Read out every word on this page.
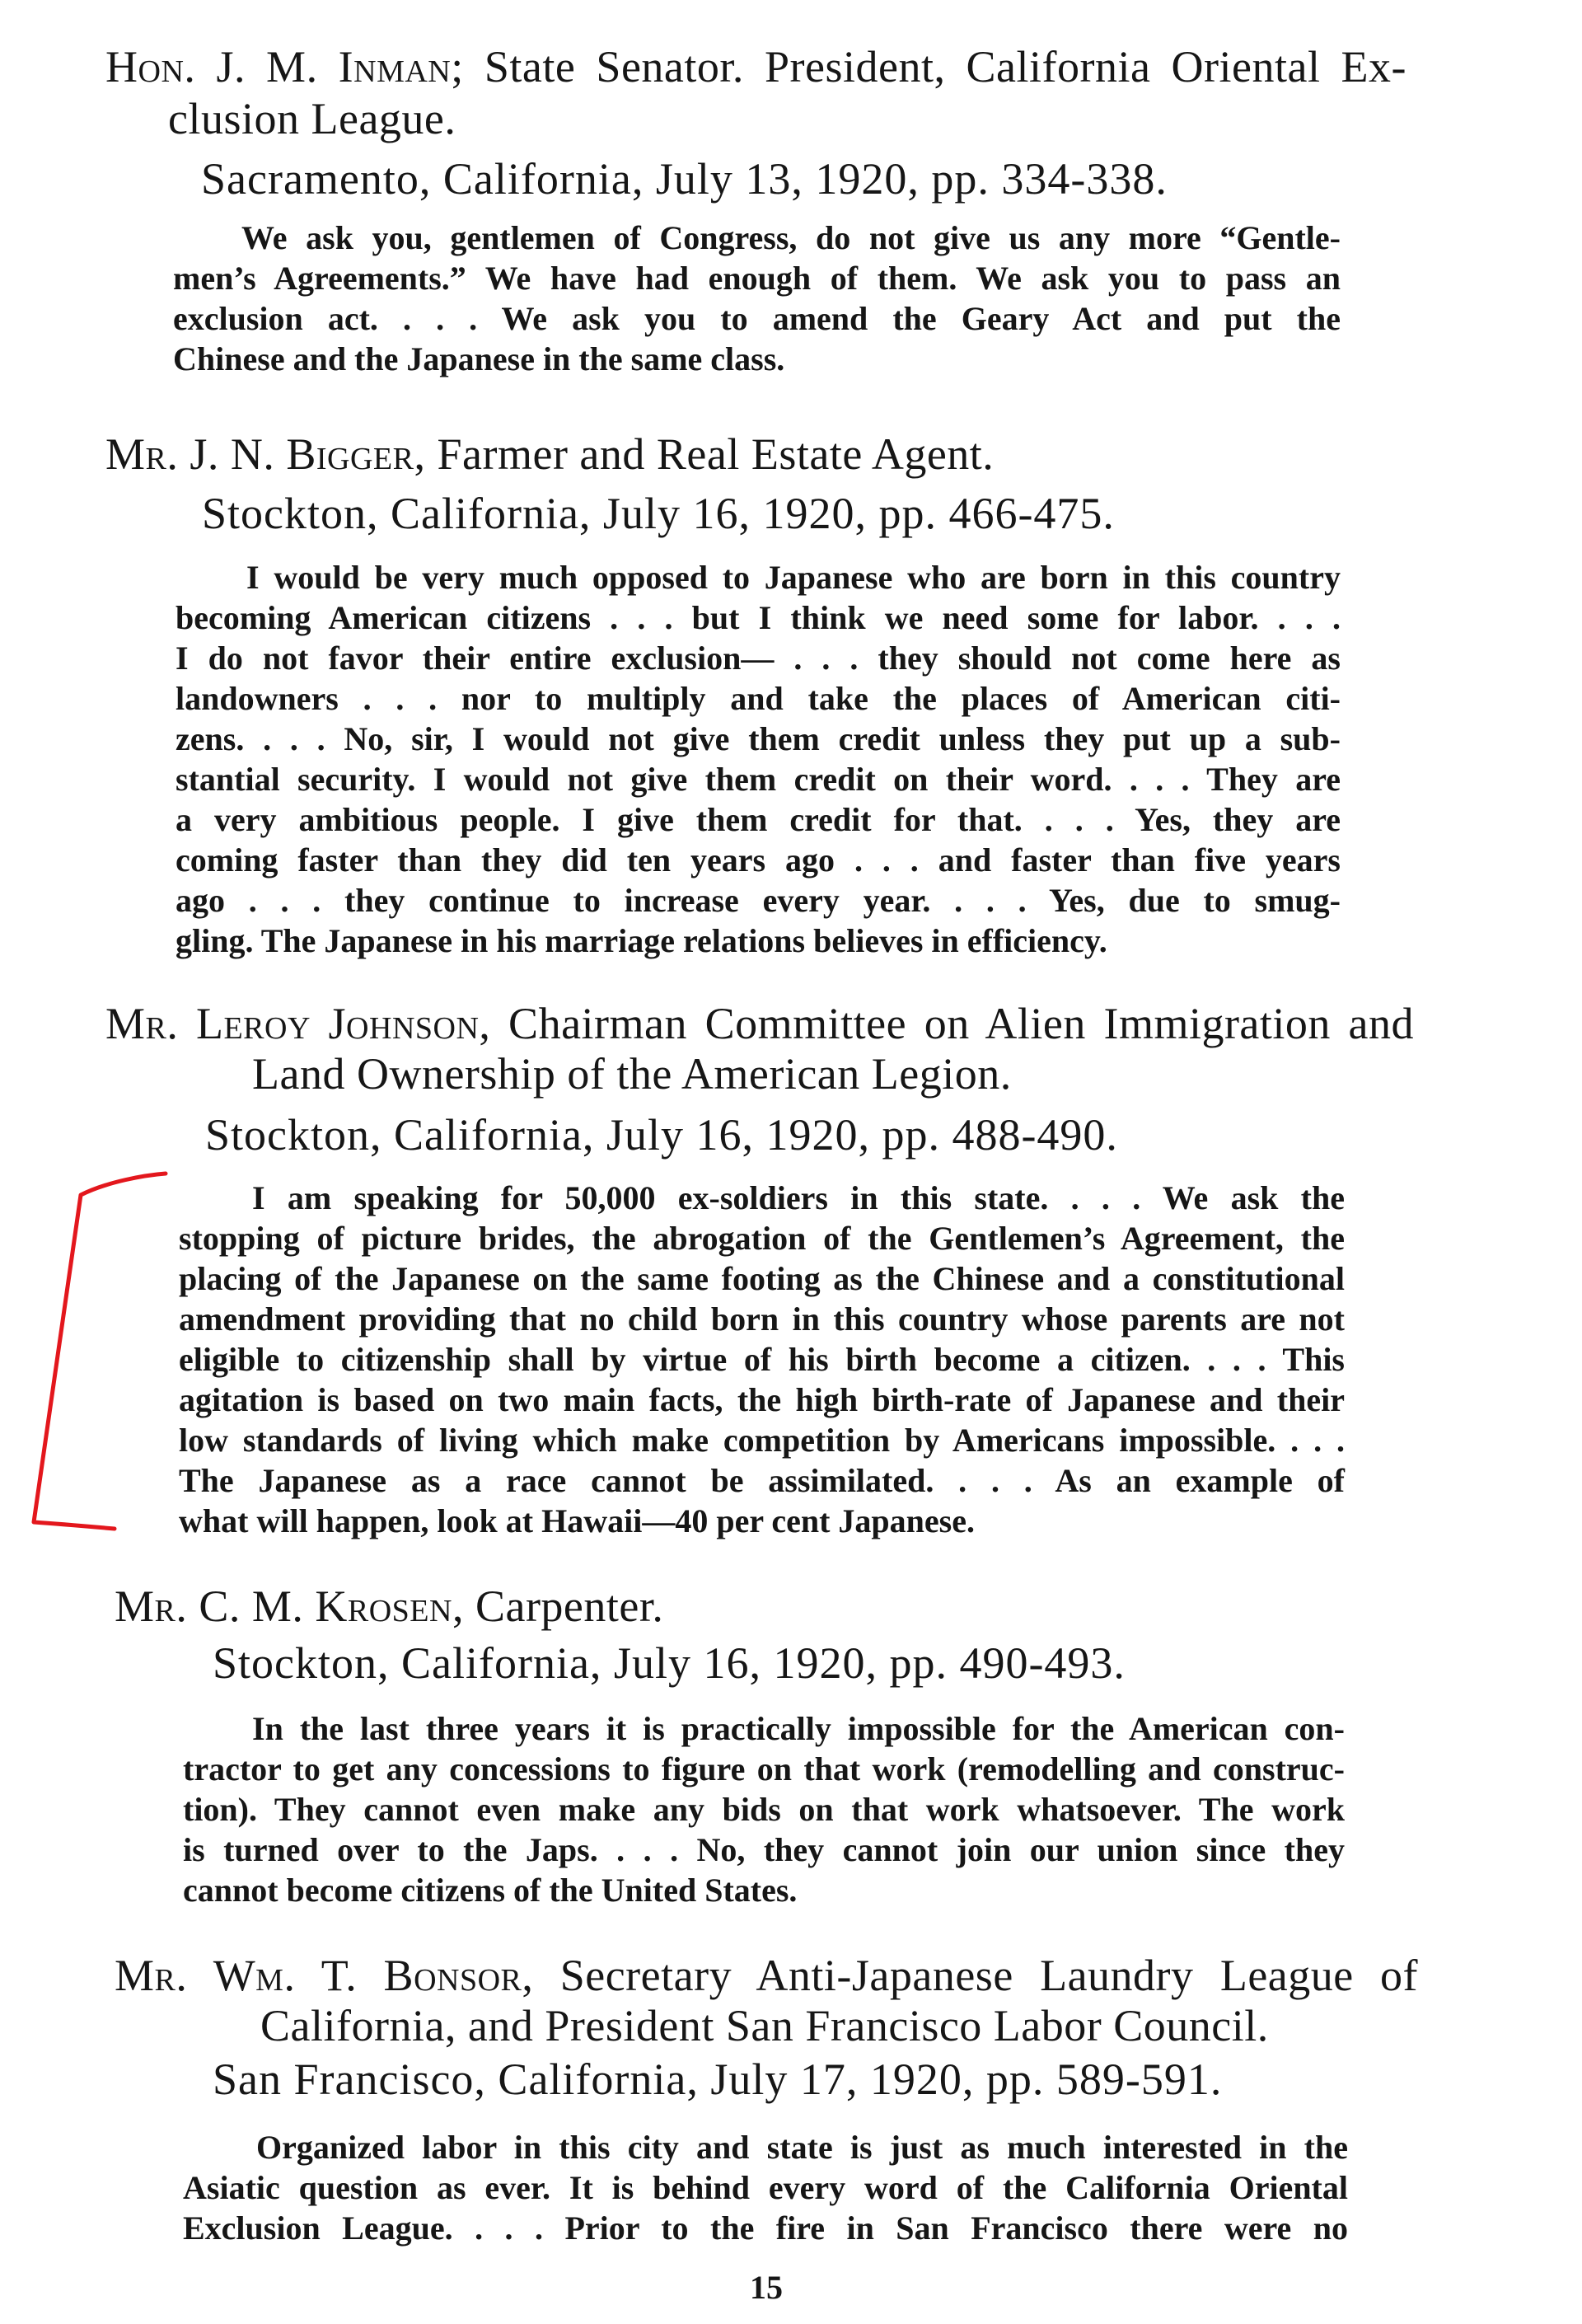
Hon. J. M. Inman; State Senator. President, California Oriental Ex-
clusion League.
Sacramento, California, July 13, 1920, pp. 334-338.
We ask you, gentlemen of Congress, do not give us any more “Gentle-
men’s Agreements.” We have had enough of them. We ask you to pass an
exclusion act. . . . We ask you to amend the Geary Act and put the
Chinese and the Japanese in the same class.
Mr. J. N. Bigger, Farmer and Real Estate Agent.
Stockton, California, July 16, 1920, pp. 466-475.
I would be very much opposed to Japanese who are born in this country
becoming American citizens . . . but I think we need some for labor. . . .
I do not favor their entire exclusion— . . . they should not come here as
landowners . . . nor to multiply and take the places of American citi-
zens. . . . No, sir, I would not give them credit unless they put up a sub-
stantial security. I would not give them credit on their word. . . . They are
a very ambitious people. I give them credit for that. . . . Yes, they are
coming faster than they did ten years ago . . . and faster than five years
ago . . . they continue to increase every year. . . . Yes, due to smug-
gling. The Japanese in his marriage relations believes in efficiency.
Mr. Leroy Johnson, Chairman Committee on Alien Immigration and
Land Ownership of the American Legion.
Stockton, California, July 16, 1920, pp. 488-490.
I am speaking for 50,000 ex-soldiers in this state. . . . We ask the
stopping of picture brides, the abrogation of the Gentlemen’s Agreement, the
placing of the Japanese on the same footing as the Chinese and a constitutional
amendment providing that no child born in this country whose parents are not
eligible to citizenship shall by virtue of his birth become a citizen. . . . This
agitation is based on two main facts, the high birth-rate of Japanese and their
low standards of living which make competition by Americans impossible. . . .
The Japanese as a race cannot be assimilated. . . . As an example of
what will happen, look at Hawaii—40 per cent Japanese.
Mr. C. M. Krosen, Carpenter.
Stockton, California, July 16, 1920, pp. 490-493.
In the last three years it is practically impossible for the American con-
tractor to get any concessions to figure on that work (remodelling and construc-
tion). They cannot even make any bids on that work whatsoever. The work
is turned over to the Japs. . . . No, they cannot join our union since they
cannot become citizens of the United States.
Mr. Wm. T. Bonsor, Secretary Anti-Japanese Laundry League of
California, and President San Francisco Labor Council.
San Francisco, California, July 17, 1920, pp. 589-591.
Organized labor in this city and state is just as much interested in the
Asiatic question as ever. It is behind every word of the California Oriental
Exclusion League. . . . Prior to the fire in San Francisco there were no
15
